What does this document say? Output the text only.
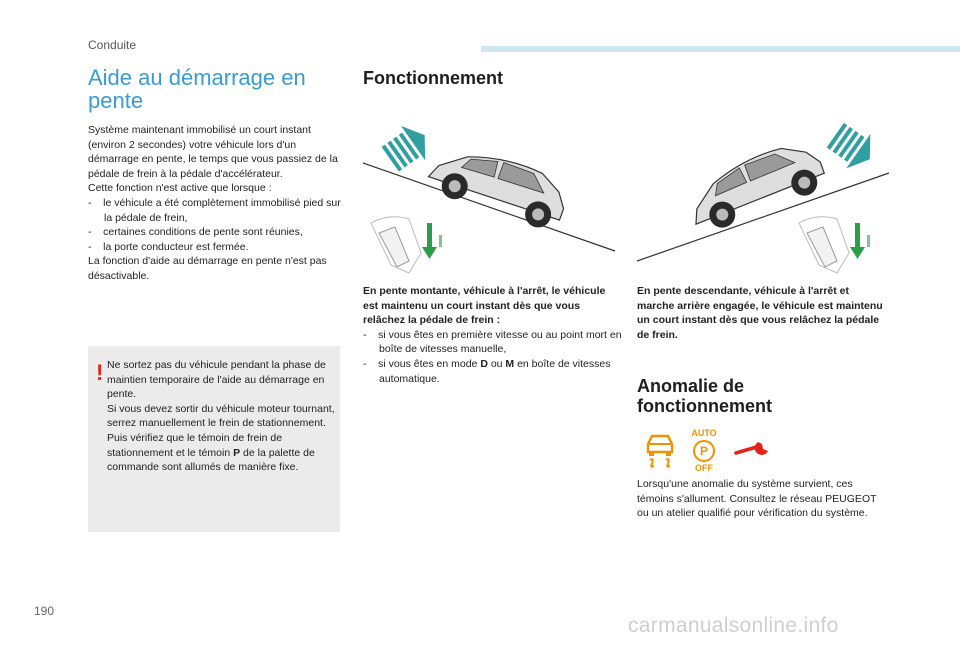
Conduite
Aide au démarrage en pente
Système maintenant immobilisé un court instant (environ 2 secondes) votre véhicule lors d'un démarrage en pente, le temps que vous passiez de la pédale de frein à la pédale d'accélérateur.
Cette fonction n'est active que lorsque :
-    le véhicule a été complètement immobilisé pied sur la pédale de frein,
-    certaines conditions de pente sont réunies,
-    la porte conducteur est fermée.
La fonction d'aide au démarrage en pente n'est pas désactivable.
! Ne sortez pas du véhicule pendant la phase de maintien temporaire de l'aide au démarrage en pente.
Si vous devez sortir du véhicule moteur tournant, serrez manuellement le frein de stationnement. Puis vérifiez que le témoin de frein de stationnement et le témoin P de la palette de commande sont allumés de manière fixe.
Fonctionnement
En pente montante, véhicule à l'arrêt, le véhicule est maintenu un court instant dès que vous relâchez la pédale de frein :
-    si vous êtes en première vitesse ou au point mort en boîte de vitesses manuelle,
-    si vous êtes en mode D ou M en boîte de vitesses automatique.
En pente descendante, véhicule à l'arrêt et marche arrière engagée, le véhicule est maintenu un court instant dès que vous relâchez la pédale de frein.
Anomalie de fonctionnement
AUTO
P
OFF
Lorsqu'une anomalie du système survient, ces témoins s'allument. Consultez le réseau PEUGEOT ou un atelier qualifié pour vérification du système.
190
carmanualsonline.info
